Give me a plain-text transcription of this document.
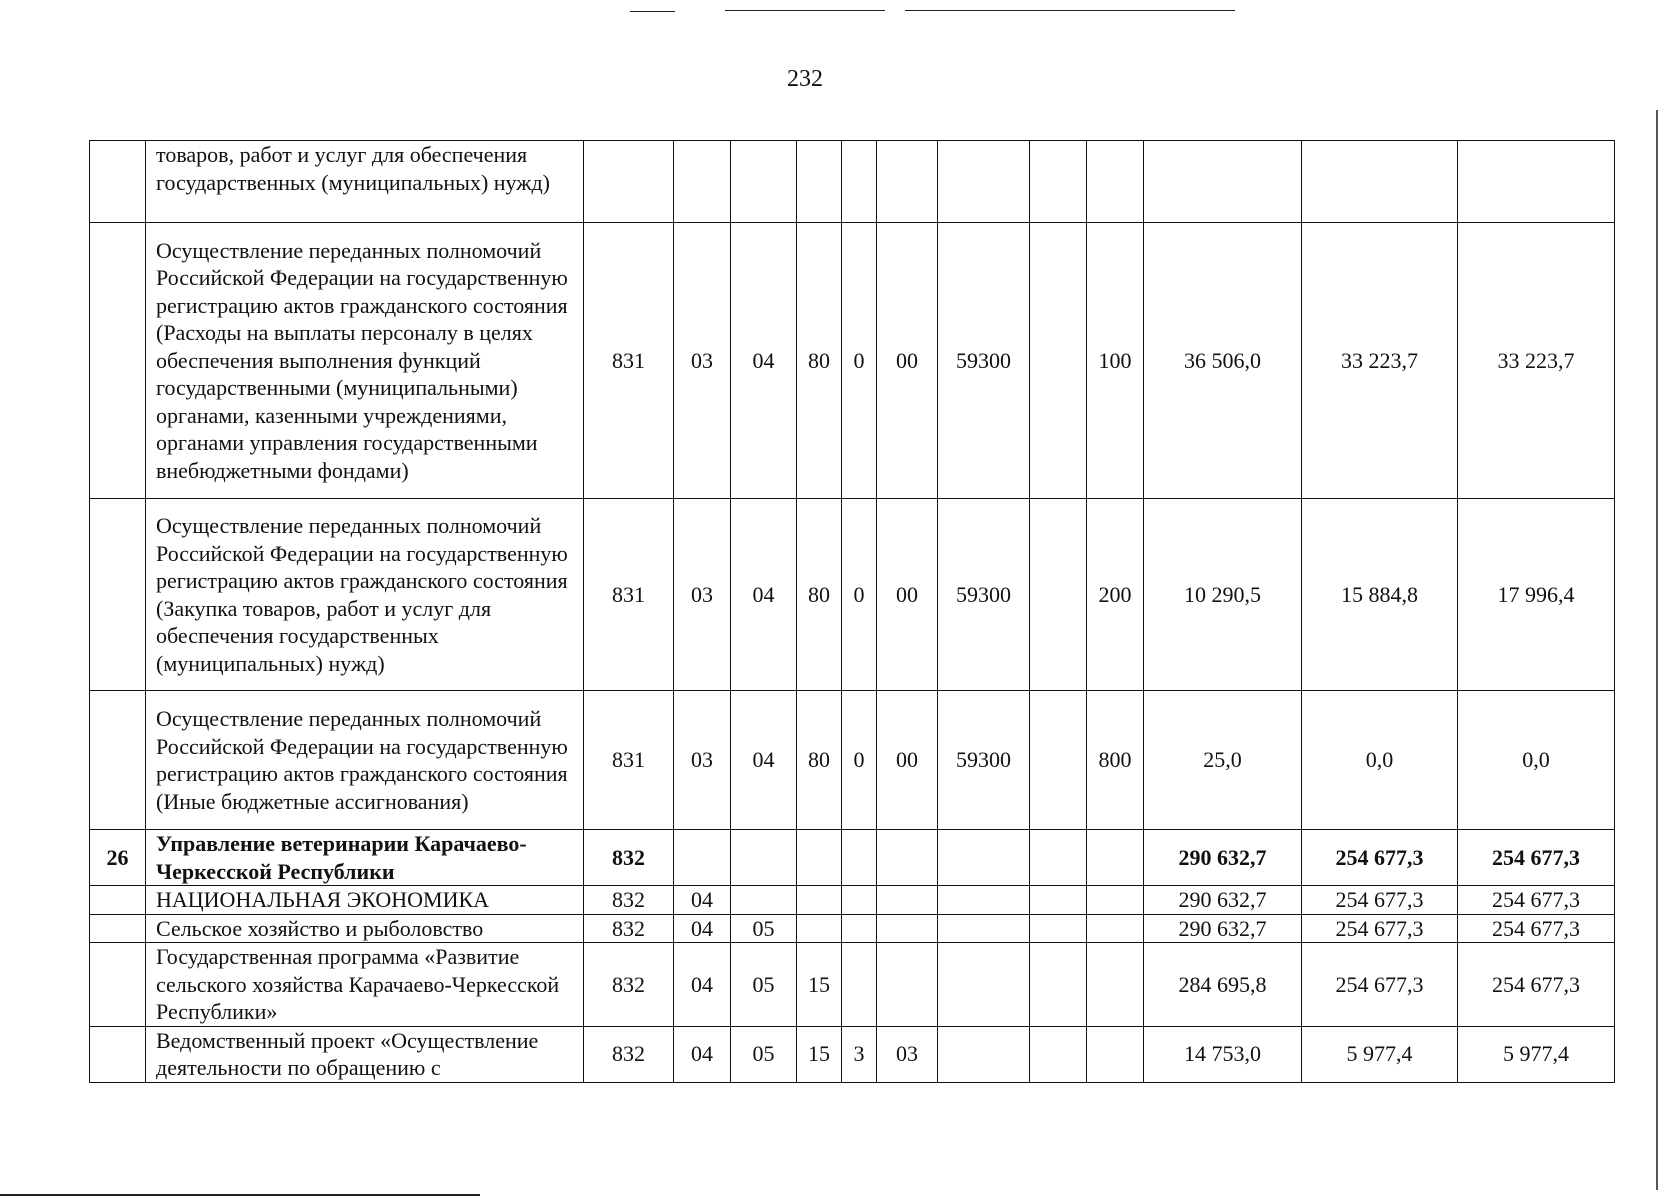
232
	товаров, работ и услуг для обеспечения государственных (муниципальных) нужд)												
	Осуществление переданных полномочий Российской Федерации на государственную регистрацию актов гражданского состояния (Расходы на выплаты персоналу в целях обеспечения выполнения функций государственными (муниципальными) органами, казенными учреждениями, органами управления государственными внебюджетными фондами)	831	03	04	80	0	00	59300		100	36 506,0	33 223,7	33 223,7
	Осуществление переданных полномочий Российской Федерации на государственную регистрацию актов гражданского состояния (Закупка товаров, работ и услуг для обеспечения государственных (муниципальных) нужд)	831	03	04	80	0	00	59300		200	10 290,5	15 884,8	17 996,4
	Осуществление переданных полномочий Российской Федерации на государственную регистрацию актов гражданского состояния (Иные бюджетные ассигнования)	831	03	04	80	0	00	59300		800	25,0	0,0	0,0
26	Управление ветеринарии Карачаево-Черкесской Республики	832									290 632,7	254 677,3	254 677,3
	НАЦИОНАЛЬНАЯ ЭКОНОМИКА	832	04								290 632,7	254 677,3	254 677,3
	Сельское хозяйство и рыболовство	832	04	05							290 632,7	254 677,3	254 677,3
	Государственная программа «Развитие сельского хозяйства Карачаево-Черкесской Республики»	832	04	05	15						284 695,8	254 677,3	254 677,3
	Ведомственный проект «Осуществление деятельности по обращению с	832	04	05	15	3	03				14 753,0	5 977,4	5 977,4
